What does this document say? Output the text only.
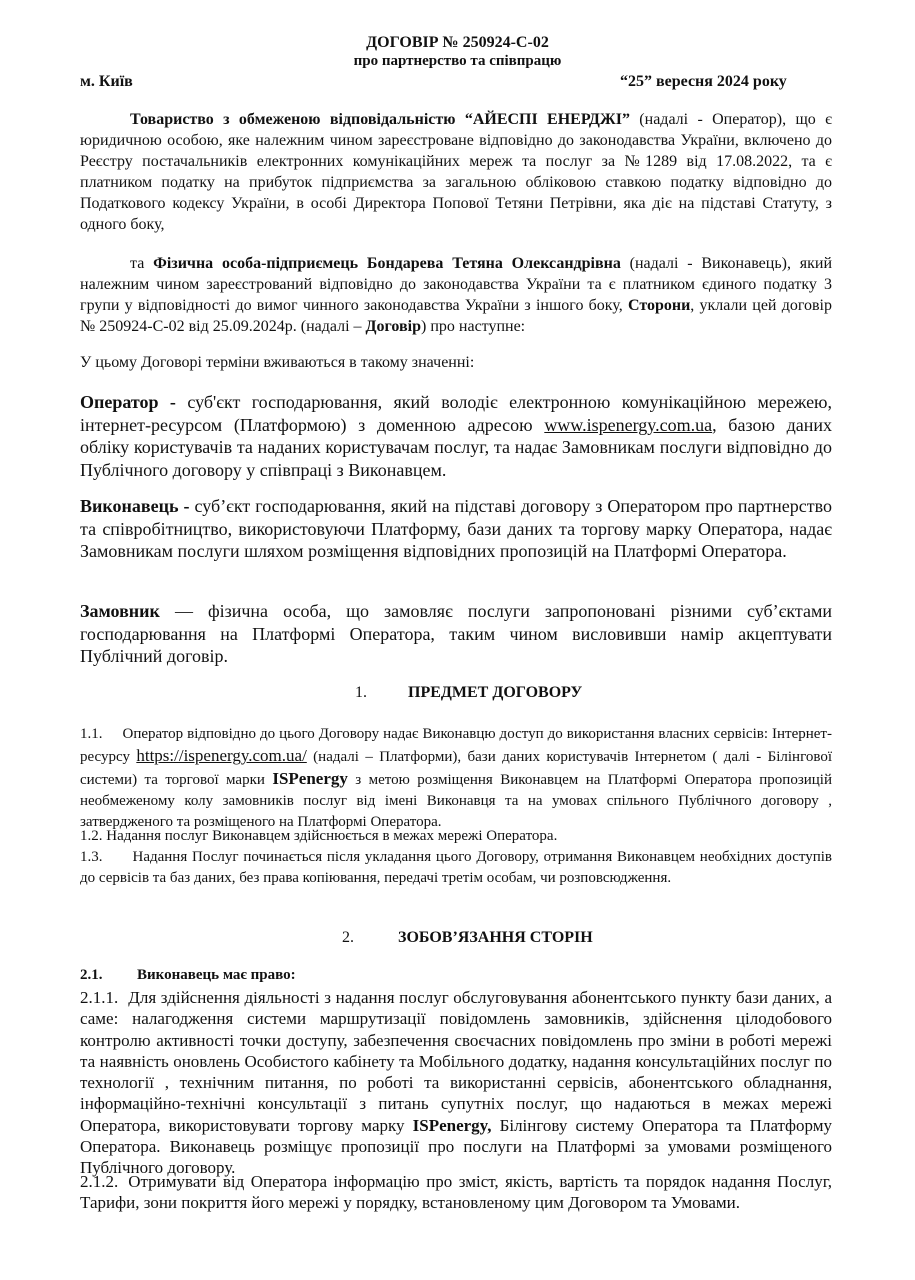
ДОГОВІР № 250924-С-02
про партнерство та співпрацю
м. Київ	“25” вересня 2024 року

Товариство з обмеженою відповідальністю “АЙЕСПІ ЕНЕРДЖІ” (надалі - Оператор), що є юридичною особою, яке належним чином зареєстроване відповідно до законодавства України, включено до Реєстру постачальників електронних комунікаційних мереж та послуг за №1289 від 17.08.2022, та є платником податку на прибуток підприємства за загальною обліковою ставкою податку відповідно до Податкового кодексу України, в особі Директора Попової Тетяни Петрівни, яка діє на підставі Статуту, з одного боку,

та Фізична особа-підприємець Бондарева Тетяна Олександрівна (надалі - Виконавець), який належним чином зареєстрований відповідно до законодавства України та є платником єдиного податку 3 групи у відповідності до вимог чинного законодавства України з іншого боку, Сторони, уклали цей договір № 250924-С-02 від 25.09.2024р. (надалі – Договір) про наступне:

У цьому Договорі терміни вживаються в такому значенні:

Оператор - суб'єкт господарювання, який володіє електронною комунікаційною мережею, інтернет-ресурсом (Платформою) з доменною адресою www.ispenergy.com.ua, базою даних обліку користувачів та наданих користувачам послуг, та надає Замовникам послуги відповідно до Публічного договору у співпраці з Виконавцем.

Виконавець - суб’єкт господарювання, який на підставі договору з Оператором про партнерство та співробітництво, використовуючи Платформу, бази даних та торгову марку Оператора, надає Замовникам послуги шляхом розміщення відповідних пропозицій на Платформі Оператора.

Замовник — фізична особа, що замовляє послуги запропоновані різними суб’єктами господарювання на Платформі Оператора, таким чином висловивши намір акцептувати Публічний договір.

1.	ПРЕДМЕТ ДОГОВОРУ

1.1. Оператор відповідно до цього Договору надає Виконавцю доступ до використання власних сервісів: Інтернет-ресурсу https://ispenergy.com.ua/ (надалі – Платформи), бази даних користувачів Інтернетом ( далі - Білінгової системи) та торгової марки ISPenergy з метою розміщення Виконавцем на Платформі Оператора пропозицій необмеженому колу замовників послуг від імені Виконавця та на умовах спільного Публічного договору , затвердженого та розміщеного на Платформі Оператора.

1.2. Надання послуг Виконавцем здійснюється в межах мережі Оператора.

1.3. Надання Послуг починається після укладання цього Договору, отримання Виконавцем необхідних доступів до сервісів та баз даних, без права копіювання, передачі третім особам, чи розповсюдження.

2.	ЗОБОВ’ЯЗАННЯ СТОРІН
2.1. Виконавець має право:

2.1.1. Для здійснення діяльності з надання послуг обслуговування абонентського пункту бази даних, а саме: налагодження системи маршрутизації повідомлень замовників, здійснення цілодобового контролю активності точки доступу, забезпечення своєчасних повідомлень про зміни в роботі мережі та наявність оновлень Особистого кабінету та Мобільного додатку, надання консультаційних послуг по технології , технічним питання, по роботі та використанні сервісів, абонентського обладнання, інформаційно-технічні консультації з питань супутніх послуг, що надаються в межах мережі Оператора, використовувати торгову марку ISPenergy, Білінгову систему Оператора та Платформу Оператора. Виконавець розміщує пропозиції про послуги на Платформі за умовами розміщеного Публічного договору.

2.1.2. Отримувати від Оператора інформацію про зміст, якість, вартість та порядок надання Послуг, Тарифи, зони покриття його мережі у порядку, встановленому цим Договором та Умовами.
